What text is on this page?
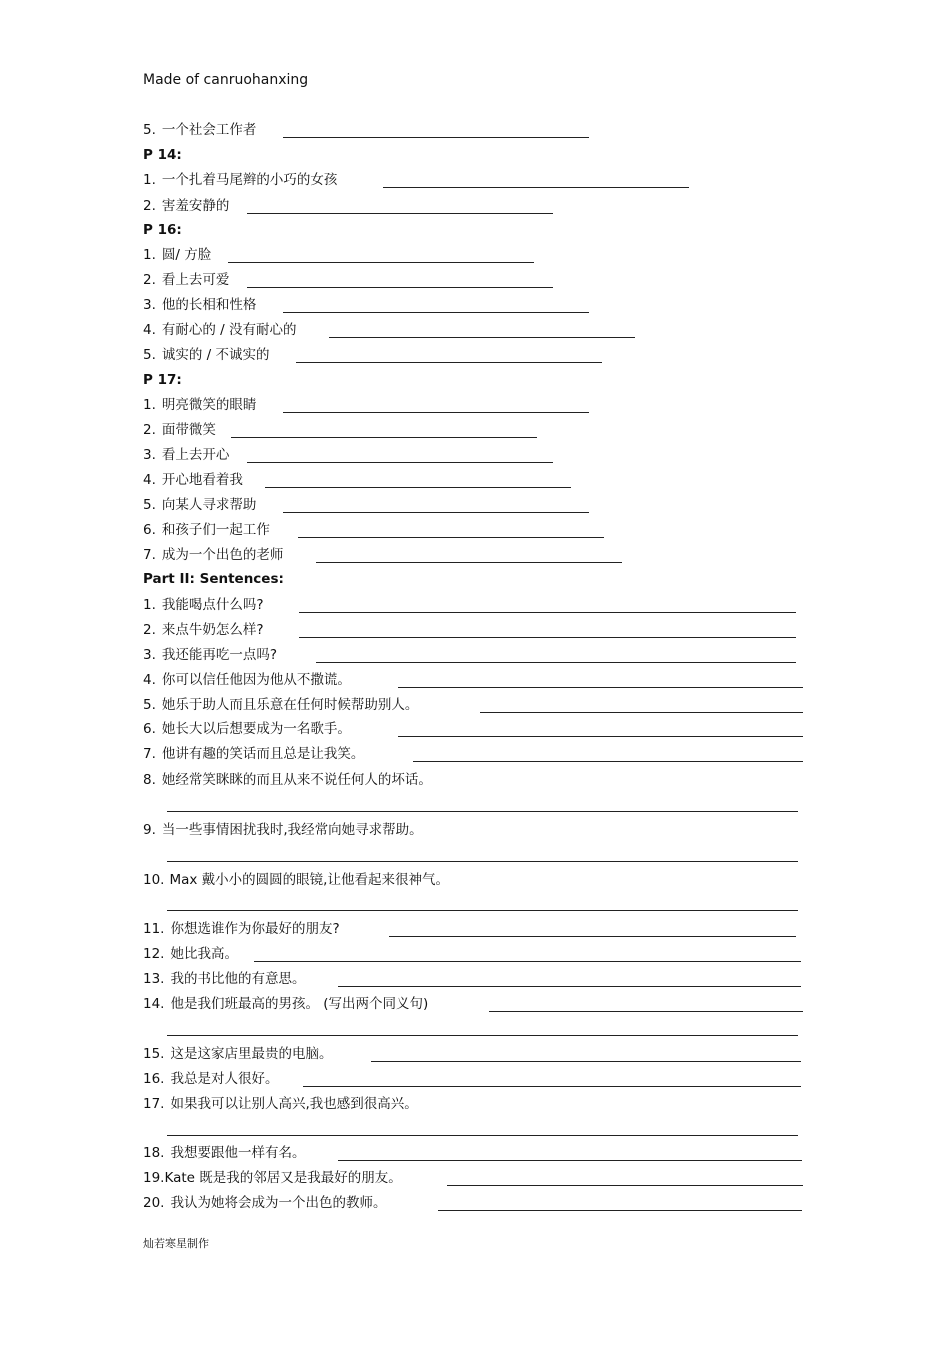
Made of canruohanxing
5. 一个社会工作者
P 14:
1. 一个扎着马尾辫的小巧的女孩
2. 害羞安静的
P 16:
1. 圆/ 方脸
2. 看上去可爱
3. 他的长相和性格
4. 有耐心的 / 没有耐心的
5. 诚实的 / 不诚实的
P 17:
1. 明亮微笑的眼睛
2. 面带微笑
3. 看上去开心
4. 开心地看着我
5. 向某人寻求帮助
6. 和孩子们一起工作
7. 成为一个出色的老师
Part II: Sentences:
1. 我能喝点什么吗?
2. 来点牛奶怎么样?
3. 我还能再吃一点吗?
4. 你可以信任他因为他从不撒谎。
5. 她乐于助人而且乐意在任何时候帮助别人。
6. 她长大以后想要成为一名歌手。
7. 他讲有趣的笑话而且总是让我笑。
8. 她经常笑眯眯的而且从来不说任何人的坏话。
9. 当一些事情困扰我时,我经常向她寻求帮助。
10. Max 戴小小的圆圆的眼镜,让他看起来很神气。
11. 你想选谁作为你最好的朋友?
12. 她比我高。
13. 我的书比他的有意思。
14. 他是我们班最高的男孩。 (写出两个同义句)
15. 这是这家店里最贵的电脑。
16. 我总是对人很好。
17. 如果我可以让别人高兴,我也感到很高兴。
18. 我想要跟他一样有名。
19.Kate 既是我的邻居又是我最好的朋友。
20. 我认为她将会成为一个出色的教师。
灿若寒星制作
